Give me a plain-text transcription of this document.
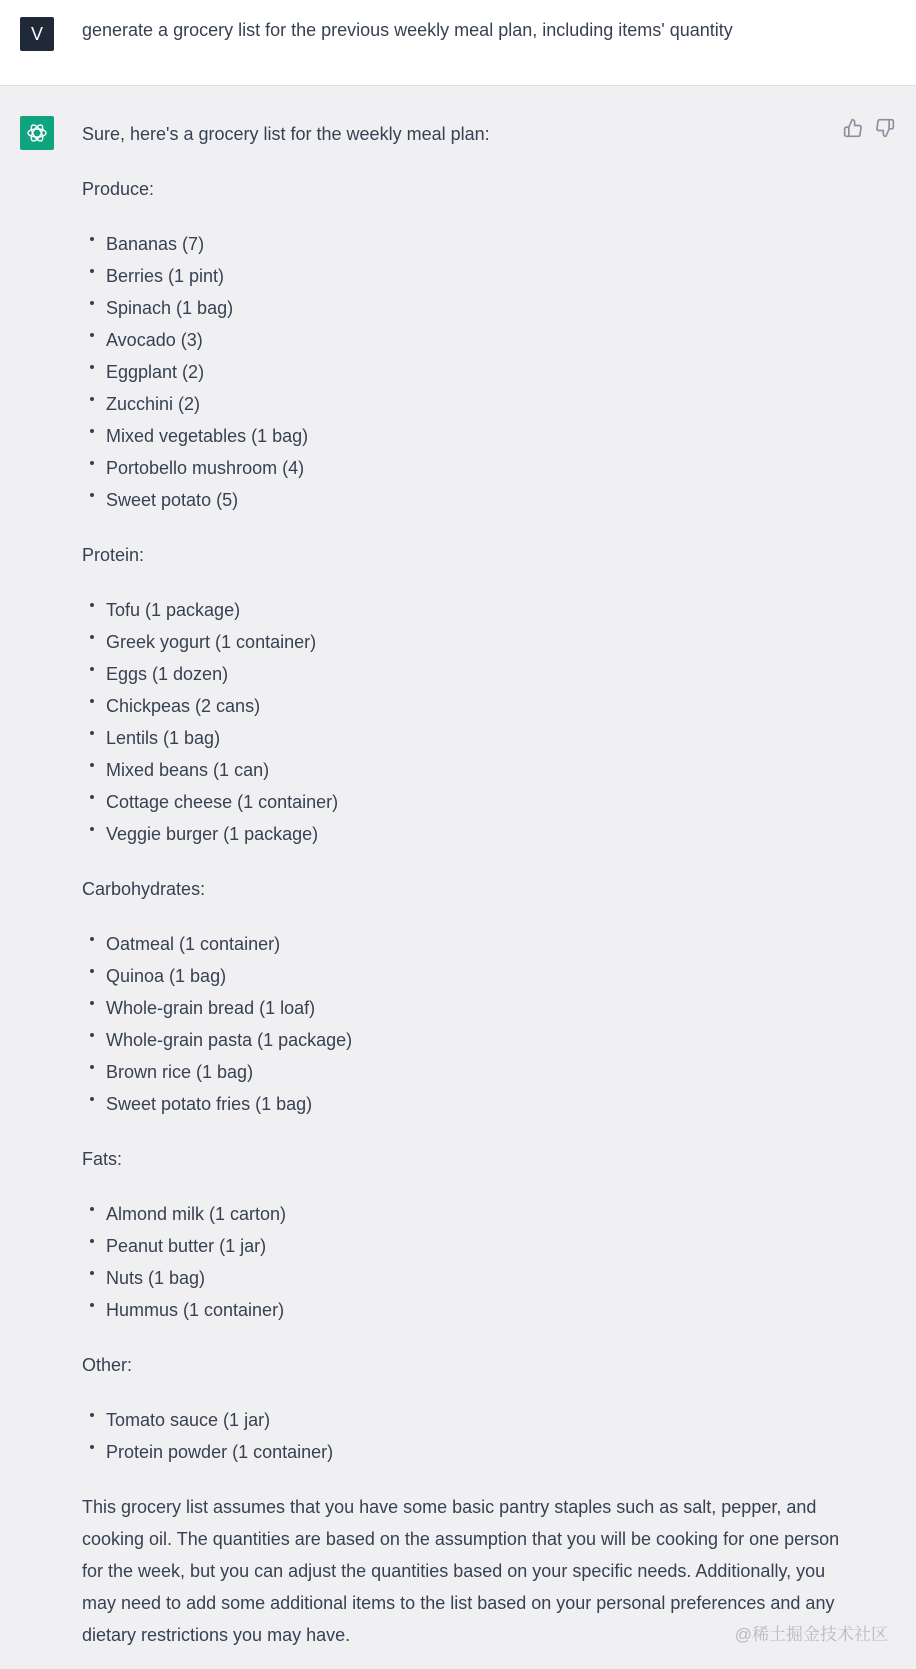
V	generate a grocery list for the previous weekly meal plan, including items' quantity

Sure, here's a grocery list for the weekly meal plan:

Produce:

Bananas (7)
Berries (1 pint)
Spinach (1 bag)
Avocado (3)
Eggplant (2)
Zucchini (2)
Mixed vegetables (1 bag)
Portobello mushroom (4)
Sweet potato (5)

Protein:

Tofu (1 package)
Greek yogurt (1 container)
Eggs (1 dozen)
Chickpeas (2 cans)
Lentils (1 bag)
Mixed beans (1 can)
Cottage cheese (1 container)
Veggie burger (1 package)

Carbohydrates:

Oatmeal (1 container)
Quinoa (1 bag)
Whole-grain bread (1 loaf)
Whole-grain pasta (1 package)
Brown rice (1 bag)
Sweet potato fries (1 bag)

Fats:

Almond milk (1 carton)
Peanut butter (1 jar)
Nuts (1 bag)
Hummus (1 container)

Other:

Tomato sauce (1 jar)
Protein powder (1 container)

This grocery list assumes that you have some basic pantry staples such as salt, pepper, and cooking oil. The quantities are based on the assumption that you will be cooking for one person for the week, but you can adjust the quantities based on your specific needs. Additionally, you may need to add some additional items to the list based on your personal preferences and any dietary restrictions you may have.	@稀土掘金技术社区
